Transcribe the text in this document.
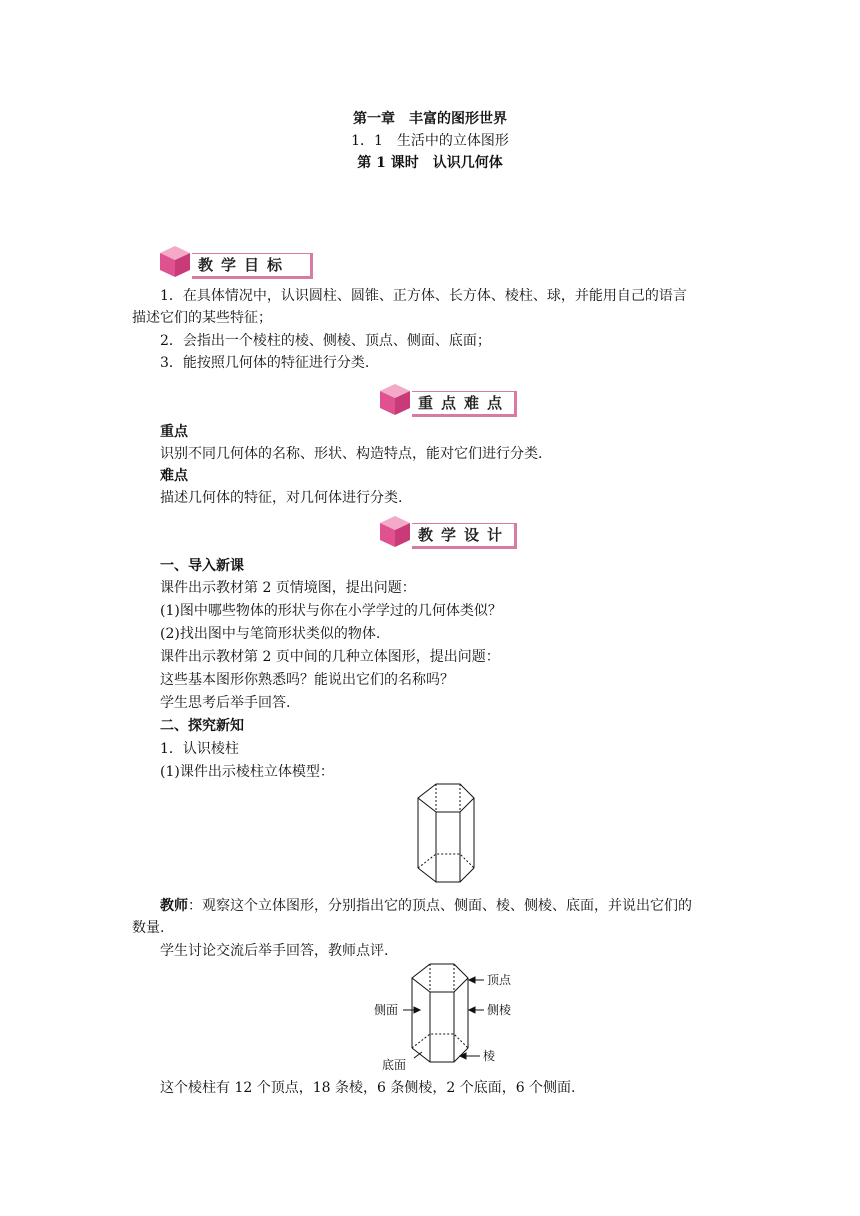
第一章　丰富的图形世界
1．1　生活中的立体图形
第 1 课时　认识几何体
教学目标
1．在具体情况中，认识圆柱、圆锥、正方体、长方体、棱柱、球，并能用自己的语言
描述它们的某些特征；
2．会指出一个棱柱的棱、侧棱、顶点、侧面、底面；
3．能按照几何体的特征进行分类.
重点难点
重点
识别不同几何体的名称、形状、构造特点，能对它们进行分类.
难点
描述几何体的特征，对几何体进行分类.
教学设计
一、导入新课
课件出示教材第 2 页情境图，提出问题：
(1)图中哪些物体的形状与你在小学学过的几何体类似？
(2)找出图中与笔筒形状类似的物体.
课件出示教材第 2 页中间的几种立体图形，提出问题：
这些基本图形你熟悉吗？能说出它们的名称吗？
学生思考后举手回答.
二、探究新知
1．认识棱柱
(1)课件出示棱柱立体模型：
教师：观察这个立体图形，分别指出它的顶点、侧面、棱、侧棱、底面，并说出它们的
数量.
学生讨论交流后举手回答，教师点评.
顶点
侧面	侧棱
底面
棱
这个棱柱有 12 个顶点，18 条棱，6 条侧棱，2 个底面，6 个侧面.
